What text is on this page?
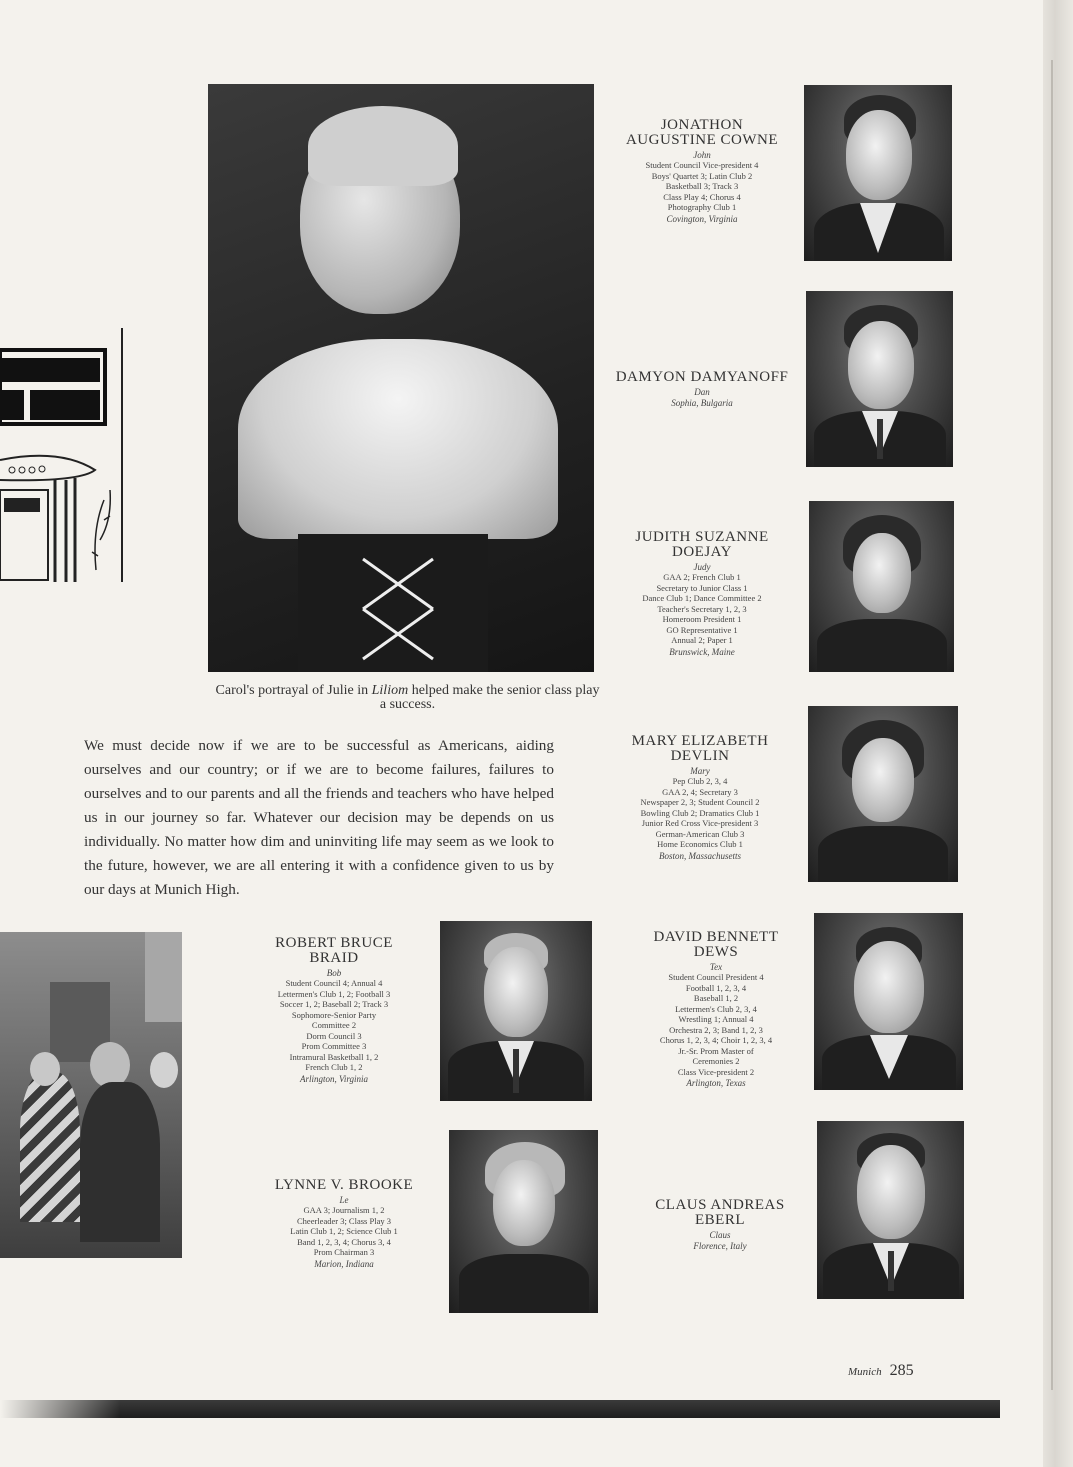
Carol's portrayal of Julie in Liliom helped make the senior class play a success.
We must decide now if we are to be successful as Americans, aiding ourselves and our country; or if we are to become failures, failures to ourselves and to our parents and all the friends and teachers who have helped us in our journey so far. Whatever our decision may be depends on us individually. No matter how dim and uninviting life may seem as we look to the future, however, we are all entering it with a confidence given to us by our days at Munich High.
JONATHON
AUGUSTINE COWNE
John
Student Council Vice-president 4
Boys' Quartet 3; Latin Club 2
Basketball 3; Track 3
Class Play 4; Chorus 4
Photography Club 1
Covington, Virginia
DAMYON DAMYANOFF
Dan
Sophia, Bulgaria
JUDITH SUZANNE
DOEJAY
Judy
GAA 2; French Club 1
Secretary to Junior Class 1
Dance Club 1; Dance Committee 2
Teacher's Secretary 1, 2, 3
Homeroom President 1
GO Representative 1
Annual 2; Paper 1
Brunswick, Maine
MARY ELIZABETH
DEVLIN
Mary
Pep Club 2, 3, 4
GAA 2, 4; Secretary 3
Newspaper 2, 3; Student Council 2
Bowling Club 2; Dramatics Club 1
Junior Red Cross Vice-president 3
German-American Club 3
Home Economics Club 1
Boston, Massachusetts
ROBERT BRUCE
BRAID
Bob
Student Council 4; Annual 4
Lettermen's Club 1, 2; Football 3
Soccer 1, 2; Baseball 2; Track 3
Sophomore-Senior Party
Committee 2
Dorm Council 3
Prom Committee 3
Intramural Basketball 1, 2
French Club 1, 2
Arlington, Virginia
DAVID BENNETT
DEWS
Tex
Student Council President 4
Football 1, 2, 3, 4
Baseball 1, 2
Lettermen's Club 2, 3, 4
Wrestling 1; Annual 4
Orchestra 2, 3; Band 1, 2, 3
Chorus 1, 2, 3, 4; Choir 1, 2, 3, 4
Jr.-Sr. Prom Master of
Ceremonies 2
Class Vice-president 2
Arlington, Texas
LYNNE V. BROOKE
Le
GAA 3; Journalism 1, 2
Cheerleader 3; Class Play 3
Latin Club 1, 2; Science Club 1
Band 1, 2, 3, 4; Chorus 3, 4
Prom Chairman 3
Marion, Indiana
CLAUS ANDREAS
EBERL
Claus
Florence, Italy
Munich 285
